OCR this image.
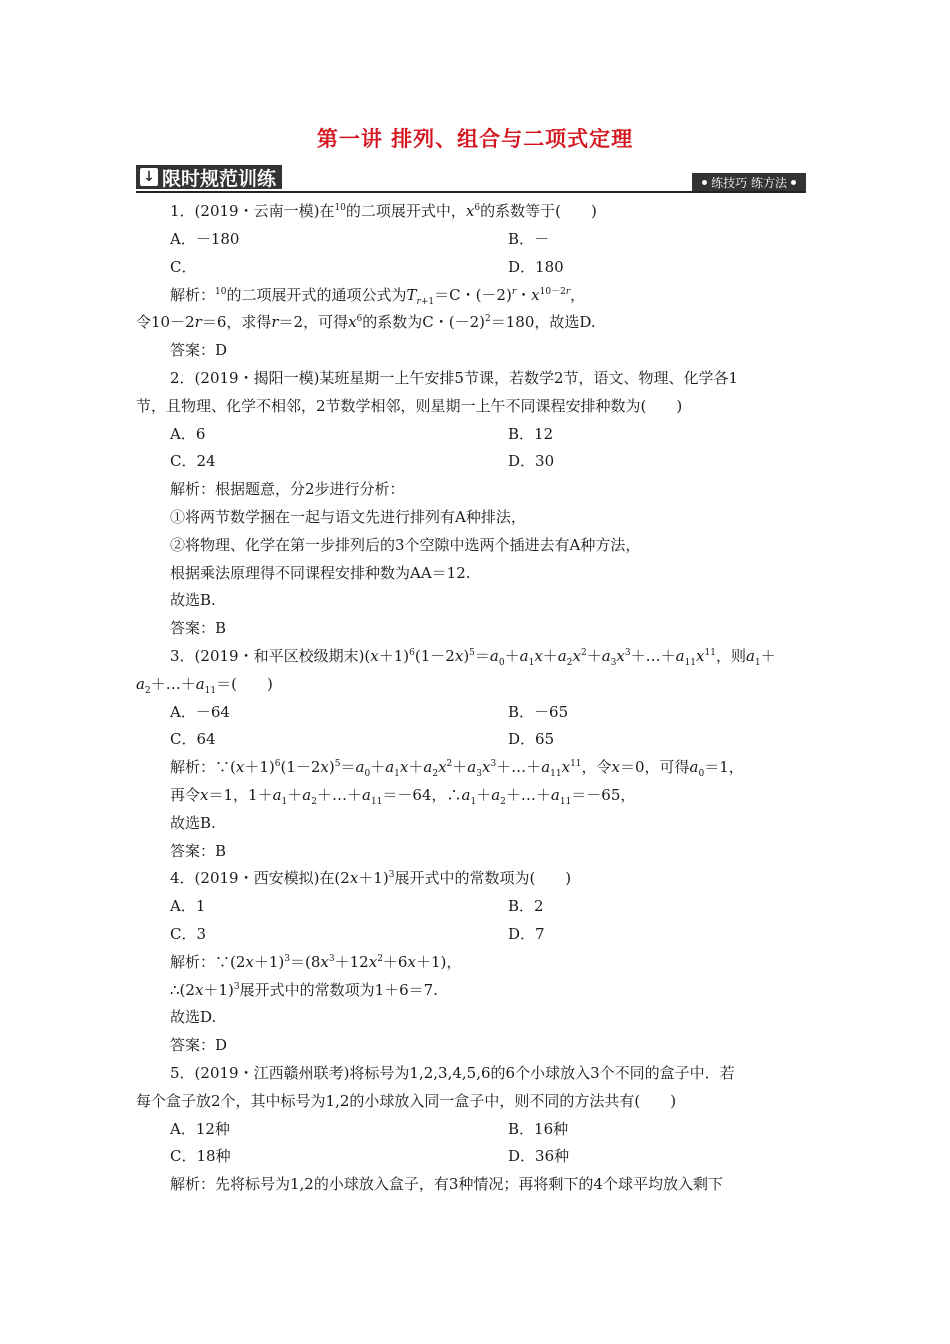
第一讲 排列、组合与二项式定理
↓ 限时规范训练	练技巧 练方法
1．(2019・云南一模)在$^{10}$的二项展开式中，$x^6$的系数等于(　　)
A．－180	B．－
C．	D．180
解析：$^{10}$的二项展开式的通项公式为$T_{r+1}=C$・$(-2)^r$・$x^{10-2r}$，
令10－2r＝6，求得r＝2，可得$x^6$的系数为C・$(-2)^2=180$，故选D.
答案：D
2．(2019・揭阳一模)某班星期一上午安排5节课，若数学2节，语文、物理、化学各1
节，且物理、化学不相邻，2节数学相邻，则星期一上午不同课程安排种数为(　　)
A．6	B．12
C．24	D．30
解析：根据题意，分2步进行分析：
①将两节数学捆在一起与语文先进行排列有A种排法，
②将物理、化学在第一步排列后的3个空隙中选两个插进去有A种方法，
根据乘法原理得不同课程安排种数为AA＝12.
故选B.
答案：B
3．(2019・和平区校级期末)$(x+1)^6(1-2x)^5=a_0+a_1x+a_2x^2+a_3x^3+\dots+a_{11}x^{11}$，则$a_1+$
$a_2+\dots+a_{11}=$(　　)
A．－64	B．－65
C．64	D．65
解析：$\because(x+1)^6(1-2x)^5=a_0+a_1x+a_2x^2+a_3x^3+\dots+a_{11}x^{11}$，令x＝0，可得$a_0=1$，
再令x＝1，$1+a_1+a_2+\dots+a_{11}=-64$，$\therefore a_1+a_2+\dots+a_{11}=-65$，
故选B.
答案：B
4．(2019・西安模拟)在$(2x+1)^3$展开式中的常数项为(　　)
A．1	B．2
C．3	D．7
解析：$\because(2x+1)^3=(8x^3+12x^2+6x+1)$，
$\therefore(2x+1)^3$展开式中的常数项为1＋6＝7.
故选D.
答案：D
5．(2019・江西赣州联考)将标号为1,2,3,4,5,6的6个小球放入3个不同的盒子中．若
每个盒子放2个，其中标号为1,2的小球放入同一盒子中，则不同的方法共有(　　)
A．12种	B．16种
C．18种	D．36种
解析：先将标号为1,2的小球放入盒子，有3种情况；再将剩下的4个球平均放入剩下
